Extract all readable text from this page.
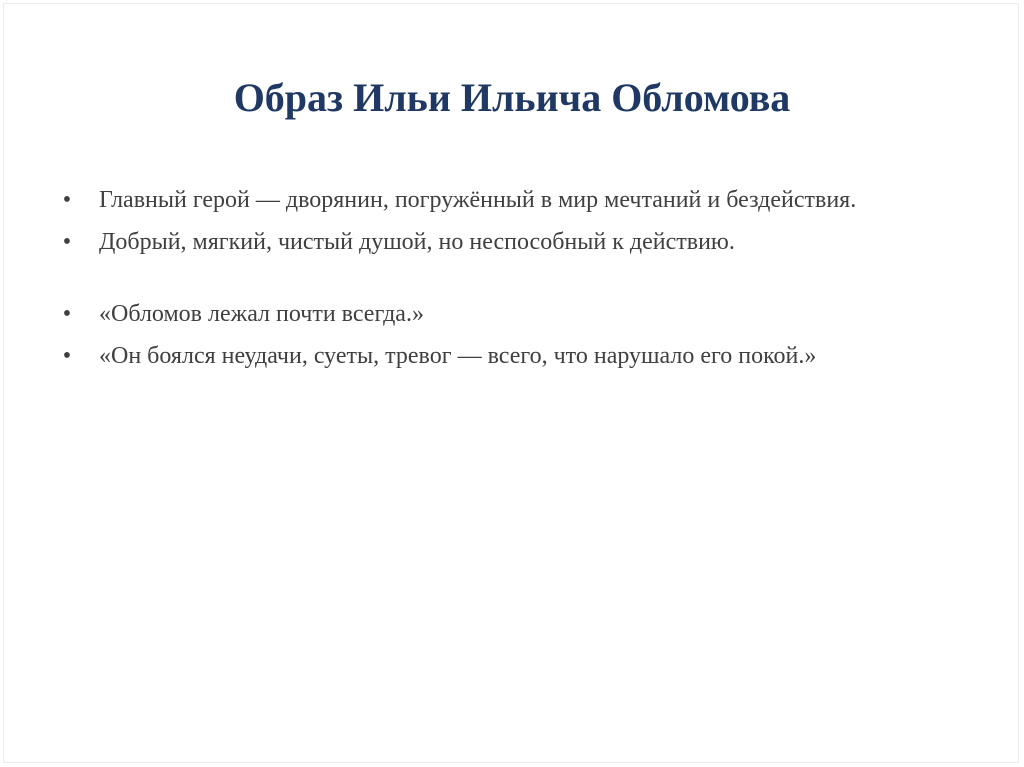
Образ Ильи Ильича Обломова
• Главный герой — дворянин, погружённый в мир мечтаний и бездействия.
• Добрый, мягкий, чистый душой, но неспособный к действию.
• «Обломов лежал почти всегда.»
• «Он боялся неудачи, суеты, тревог — всего, что нарушало его покой.»
